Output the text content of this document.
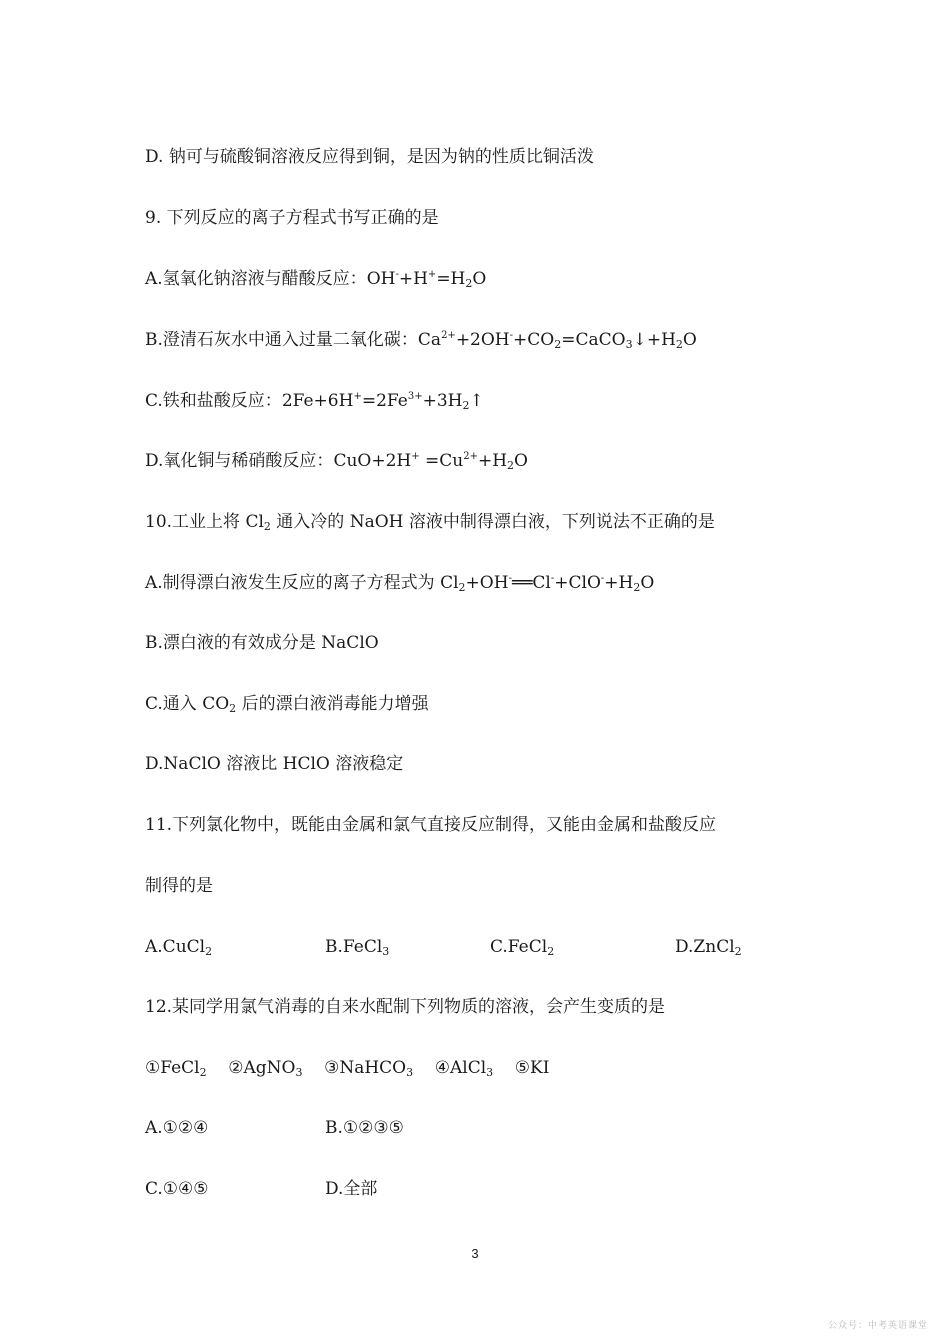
D. 钠可与硫酸铜溶液反应得到铜，是因为钠的性质比铜活泼
9. 下列反应的离子方程式书写正确的是
A.氢氧化钠溶液与醋酸反应：$OH^-+H^+=H_2O$
B.澄清石灰水中通入过量二氧化碳：$Ca^{2+}+2OH^-+CO_2=CaCO_3↓+H_2O$
C.铁和盐酸反应：$2Fe+6H^+=2Fe^{3+}+3H_2↑$
D.氧化铜与稀硝酸反应：$CuO+2H^+ =Cu^{2+}+H_2O$
10.工业上将 $Cl_2$ 通入冷的 NaOH 溶液中制得漂白液，下列说法不正确的是
A.制得漂白液发生反应的离子方程式为 $Cl_2+OH^-══Cl^-+ClO^-+H_2O$
B.漂白液的有效成分是 NaClO
C.通入 $CO_2$ 后的漂白液消毒能力增强
D.NaClO 溶液比 HClO 溶液稳定
11.下列氯化物中，既能由金属和氯气直接反应制得，又能由金属和盐酸反应
制得的是
A.CuCl$_2$	B.FeCl$_3$	C.FeCl$_2$	D.ZnCl$_2$
12.某同学用氯气消毒的自来水配制下列物质的溶液，会产生变质的是
①FeCl$_2$ ②AgNO$_3$ ③NaHCO$_3$ ④AlCl$_3$ ⑤KI
A.①②④	B.①②③⑤
C.①④⑤	D.全部
3
公众号：中考英语课堂
